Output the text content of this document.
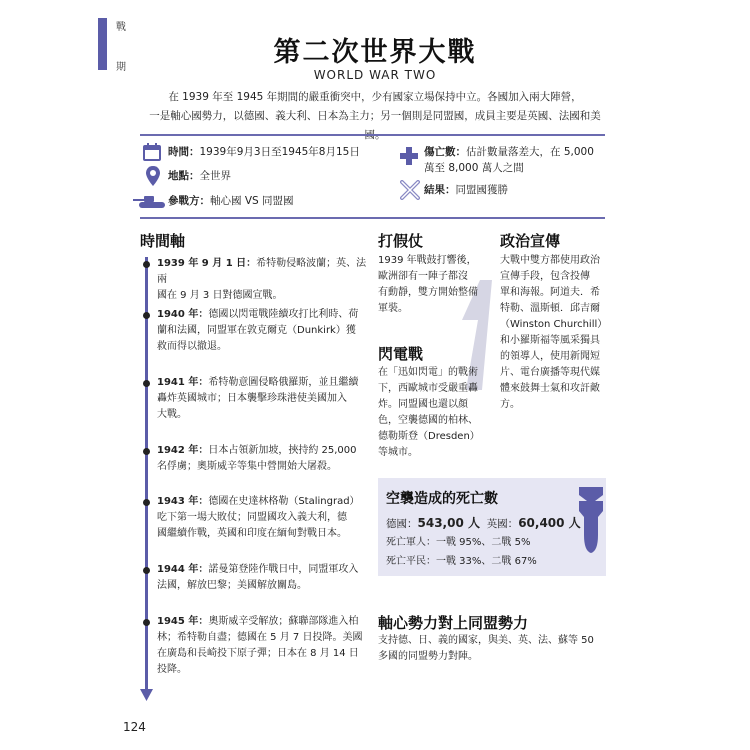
戰
期	第二次世界大戰
WORLD WAR TWO
在 1939 年至 1945 年期間的嚴重衝突中，少有國家立場保持中立。各國加入兩大陣營，
一是軸心國勢力，以德國、義大利、日本為主力；另一個則是同盟國，成員主要是英國、法國和美
時間：1939年9月3日至1945年8月15日
地點：全世界
參戰方：軸心國 VS 同盟國
傷亡數：估計數量落差大，在 5,000
萬至 8,000 萬人之間
結果：同盟國獲勝
時間軸
1939 年 9 月 1 日：希特勒侵略波蘭；英、法兩
國在 9 月 3 日對德國宣戰。
1940 年：德國以閃電戰陸續攻打比利時、荷
蘭和法國，同盟軍在敦克爾克（Dunkirk）獲
救而得以撤退。
1941 年：希特勒意圖侵略俄羅斯，並且繼續
轟炸英國城市；日本襲擊珍珠港使美國加入
大戰。
1942 年：日本占領新加坡，挾持約 25,000
名俘虜；奧斯威辛等集中營開始大屠殺。
1943 年：德國在史達林格勒（Stalingrad）
吃下第一場大敗仗；同盟國攻入義大利，德
國繼續作戰，英國和印度在緬甸對戰日本。
1944 年：諾曼第登陸作戰日中，同盟軍攻入
法國，解放巴黎；美國解放關島。
1945 年：奧斯威辛受解放；蘇聯部隊進入柏
林；希特勒自盡；德國在 5 月 7 日投降。美國
在廣島和長崎投下原子彈；日本在 8 月 14 日
投降。
打假仗
1939 年戰鼓打響後，
歐洲卻有一陣子都沒
有動靜，雙方開始整備
軍裝。
閃電戰
在「迅如閃電」的戰術
下，西歐城市受嚴重轟
炸。同盟國也還以顏
色，空襲德國的柏林、
德勒斯登（Dresden）
等城市。
政治宣傳
大戰中雙方都使用政治
宣傳手段，包含投傳
單和海報。阿道夫．希
特勒、溫斯頓．邱吉爾
（Winston Churchill）
和小羅斯福等風采獨具
的領導人，使用新聞短
片、電台廣播等現代媒
體來鼓舞士氣和攻訐敵
方。
空襲造成的死亡數
德國：543,00 人 英國：60,400 人
死亡軍人：一戰 95%、二戰 5%
死亡平民：一戰 33%、二戰 67%
軸心勢力對上同盟勢力
支持德、日、義的國家，與美、英、法、蘇等 50
多國的同盟勢力對陣。
124
